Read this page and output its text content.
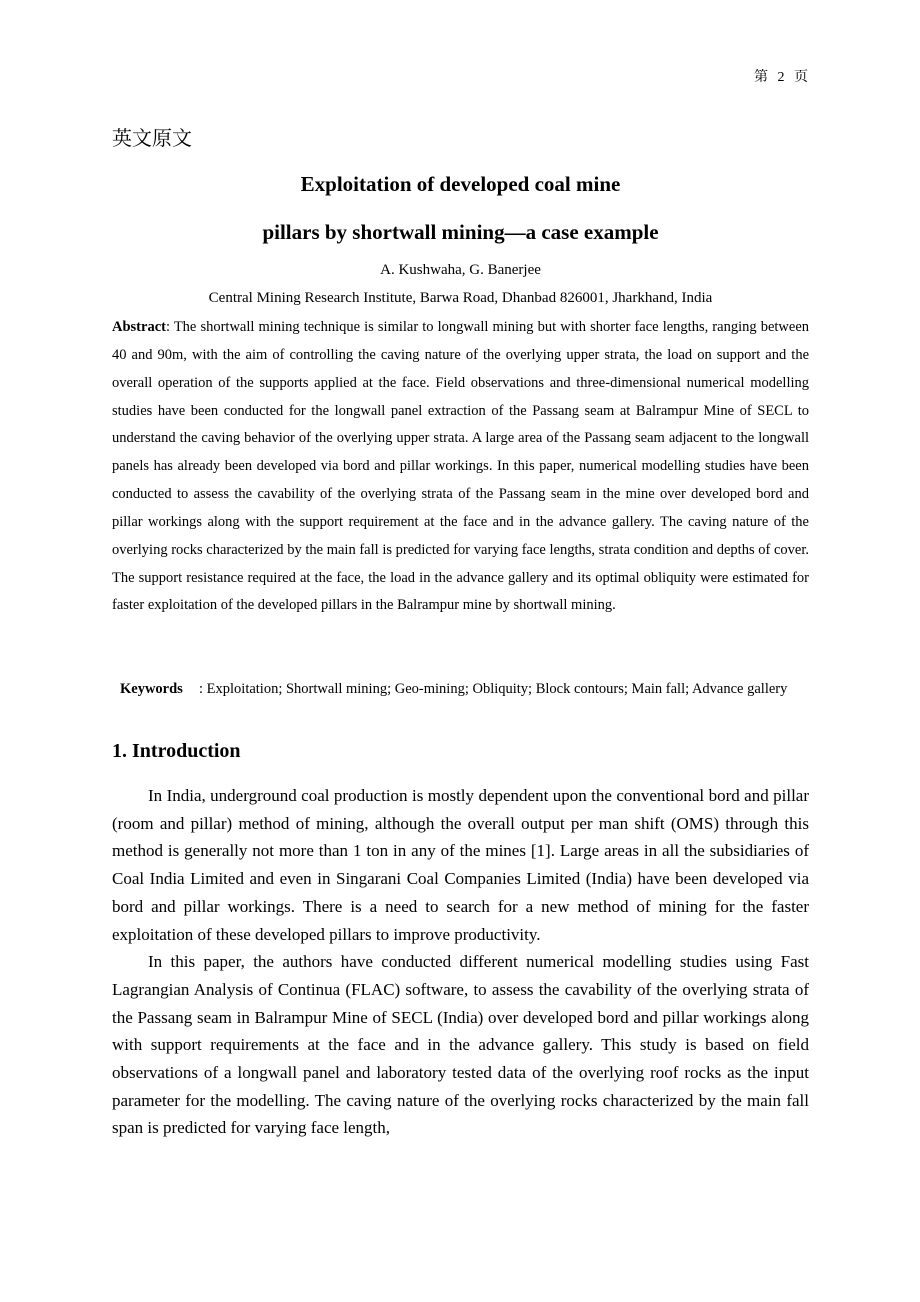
第 2 页
英文原文
Exploitation of developed coal mine
pillars by shortwall mining—a case example
A. Kushwaha, G. Banerjee
Central Mining Research Institute, Barwa Road, Dhanbad 826001, Jharkhand, India
Abstract: The shortwall mining technique is similar to longwall mining but with shorter face lengths, ranging between 40 and 90m, with the aim of controlling the caving nature of the overlying upper strata, the load on support and the overall operation of the supports applied at the face. Field observations and three-dimensional numerical modelling studies have been conducted for the longwall panel extraction of the Passang seam at Balrampur Mine of SECL to understand the caving behavior of the overlying upper strata. A large area of the Passang seam adjacent to the longwall panels has already been developed via bord and pillar workings. In this paper, numerical modelling studies have been conducted to assess the cavability of the overlying strata of the Passang seam in the mine over developed bord and pillar workings along with the support requirement at the face and in the advance gallery. The caving nature of the overlying rocks characterized by the main fall is predicted for varying face lengths, strata condition and depths of cover. The support resistance required at the face, the load in the advance gallery and its optimal obliquity were estimated for faster exploitation of the developed pillars in the Balrampur mine by shortwall mining.
Keywords : Exploitation; Shortwall mining; Geo-mining; Obliquity; Block contours; Main fall; Advance gallery
1. Introduction

In India, underground coal production is mostly dependent upon the conventional bord and pillar (room and pillar) method of mining, although the overall output per man shift (OMS) through this method is generally not more than 1 ton in any of the mines [1]. Large areas in all the subsidiaries of Coal India Limited and even in Singarani Coal Companies Limited (India) have been developed via bord and pillar workings. There is a need to search for a new method of mining for the faster exploitation of these developed pillars to improve productivity.

In this paper, the authors have conducted different numerical modelling studies using Fast Lagrangian Analysis of Continua (FLAC) software, to assess the cavability of the overlying strata of the Passang seam in Balrampur Mine of SECL (India) over developed bord and pillar workings along with support requirements at the face and in the advance gallery. This study is based on field observations of a longwall panel and laboratory tested data of the overlying roof rocks as the input parameter for the modelling. The caving nature of the overlying rocks characterized by the main fall span is predicted for varying face length,
